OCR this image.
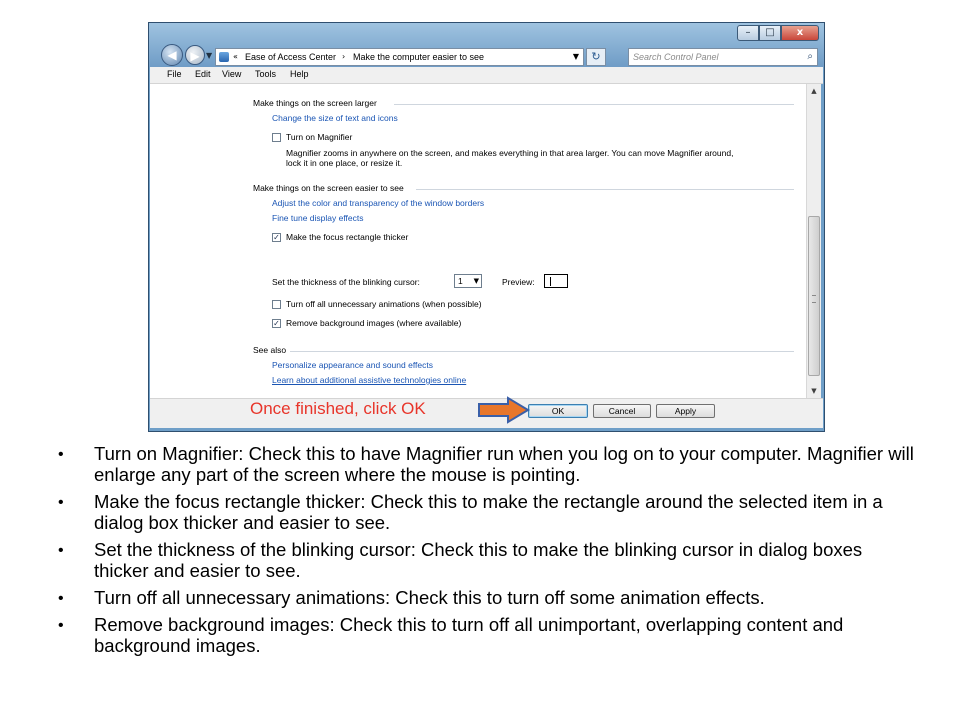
–	□	x
◀	▶ ▼	« Ease of Access Center › Make the computer easier to see	▼	↻	Search Control Panel	⌕
File Edit View Tools Help
Make things on the screen larger
Change the size of text and icons
Turn on Magnifier
Magnifier zooms in anywhere on the screen, and makes everything in that area larger. You can move Magnifier around, lock it in one place, or resize it.
Make things on the screen easier to see
Adjust the color and transparency of the window borders
Fine tune display effects
✓ Make the focus rectangle thicker
Set the thickness of the blinking cursor:	1 ▼	Preview:
Turn off all unnecessary animations (when possible)
✓ Remove background images (where available)
See also
Personalize appearance and sound effects
Learn about additional assistive technologies online
▲
▼
OK	Cancel	Apply
Once finished, click OK
• Turn on Magnifier: Check this to have Magnifier run when you log on to your computer. Magnifier will enlarge any part of the screen where the mouse is pointing.
• Make the focus rectangle thicker: Check this to make the rectangle around the selected item in a dialog box thicker and easier to see.
• Set the thickness of the blinking cursor: Check this to make the blinking cursor in dialog boxes thicker and easier to see.
• Turn off all unnecessary animations: Check this to turn off some animation effects.
• Remove background images: Check this to turn off all unimportant, overlapping content and background images.
